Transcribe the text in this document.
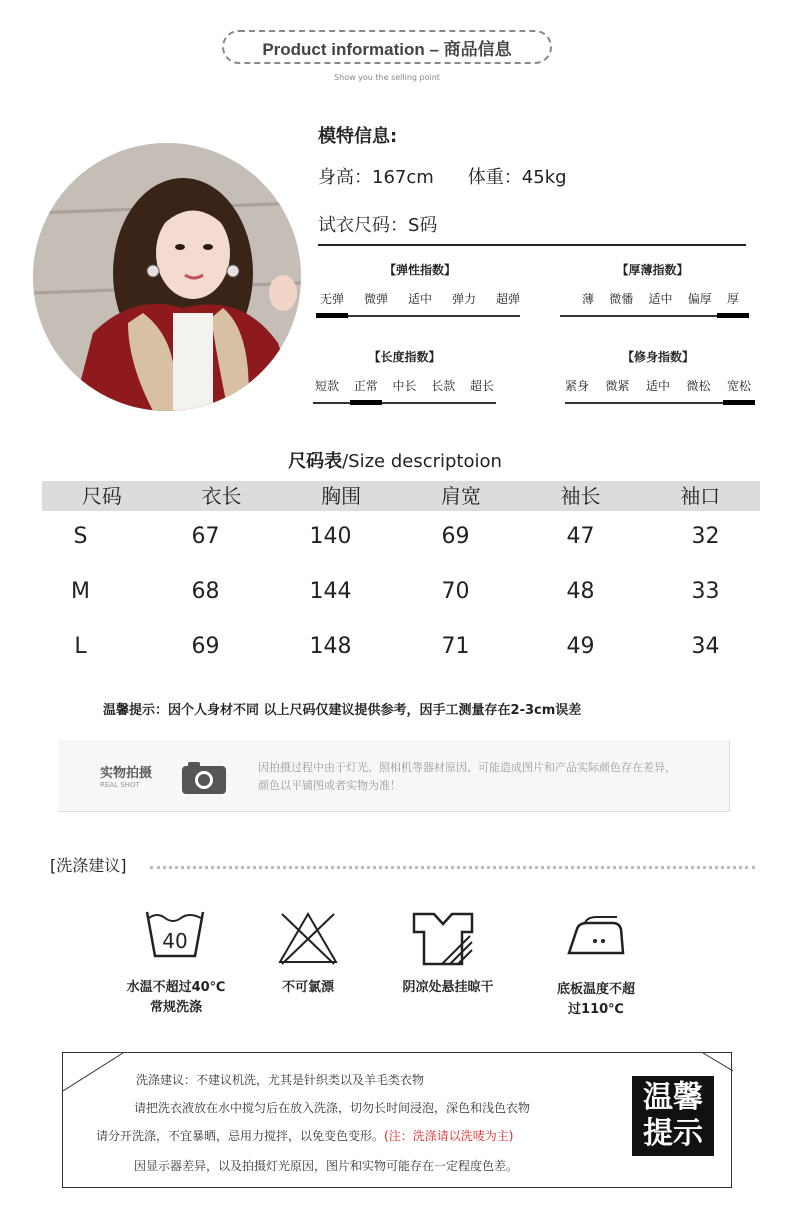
Product information – 商品信息
Show you the selling point
模特信息:
身高：167cm 体重：45kg
试衣尺码：S码
【弹性指数】
无弹 微弹 适中 弹力 超弹
【厚薄指数】
薄 微憣 适中 偏厚 厚
【长度指数】
短款 正常 中长 长款 超长
【修身指数】
紧身 微紧 适中 微松 宽松
尺码表/Size descriptoion
尺码	衣长	胸围	肩宽	袖长	袖口
S	67	140	69	47	32
M	68	144	70	48	33
L	69	148	71	49	34
温馨提示：因个人身材不同 以上尺码仅建议提供参考，因手工测量存在2-3cm误差
实物拍摄
REAL SHOT
因拍摄过程中由于灯光、照相机等器材原因、可能造成图片和产品实际颜色存在差异，
颜色以平铺图或者实物为准！
[洗涤建议]
40
水温不超过40℃
常规洗涤
不可氯漂	阴凉处悬挂晾干	底板温度不超
过110℃
洗涤建议：不建议机洗，尤其是针织类以及羊毛类衣物
请把洗衣液放在水中搅匀后在放入洗涤，切勿长时间浸泡，深色和浅色衣物
请分开洗涤，不宜暴晒，忌用力搅拌，以免变色变形。(注：洗涤请以洗唛为主)
因显示器差异，以及拍摄灯光原因，图片和实物可能存在一定程度色差。
温馨
提示
